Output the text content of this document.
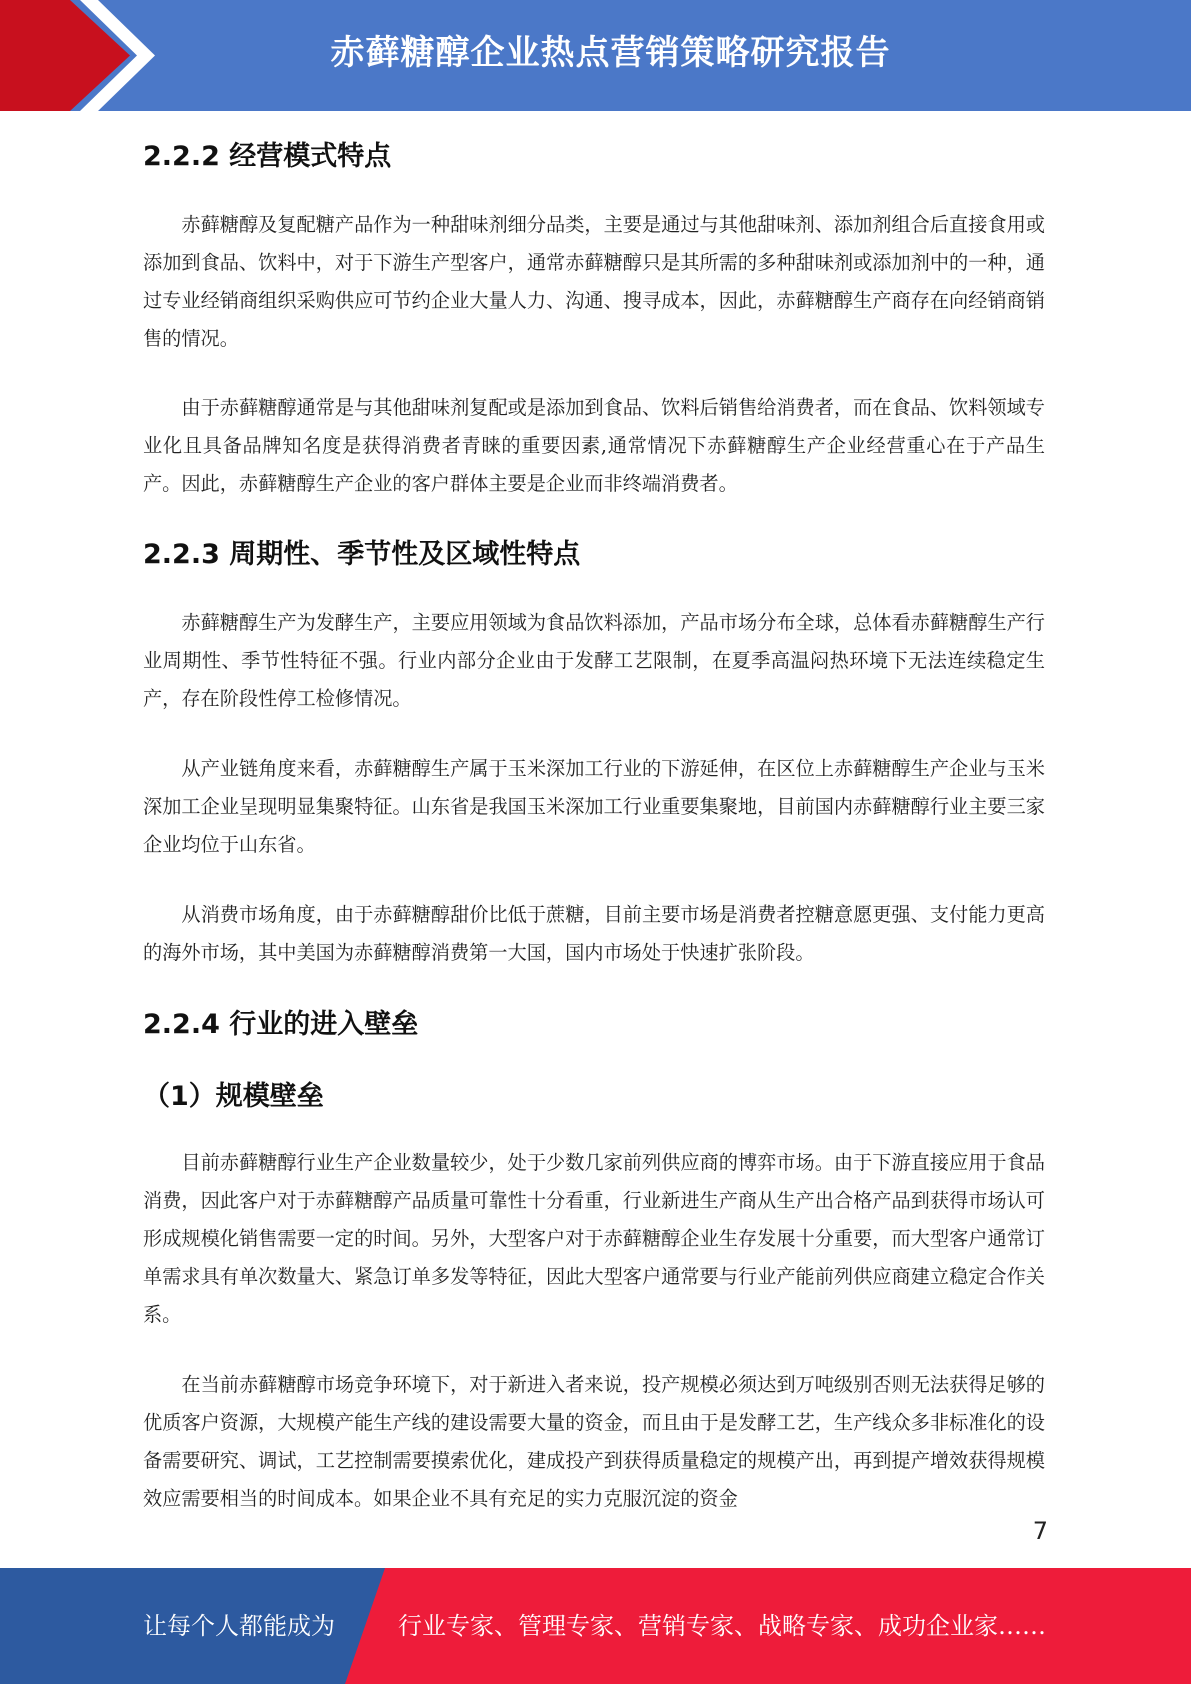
赤藓糖醇企业热点营销策略研究报告
2.2.2 经营模式特点

赤藓糖醇及复配糖产品作为一种甜味剂细分品类，主要是通过与其他甜味剂、添加剂组合后直接食用或添加到食品、饮料中，对于下游生产型客户，通常赤藓糖醇只是其所需的多种甜味剂或添加剂中的一种，通过专业经销商组织采购供应可节约企业大量人力、沟通、搜寻成本，因此，赤藓糖醇生产商存在向经销商销售的情况。

由于赤藓糖醇通常是与其他甜味剂复配或是添加到食品、饮料后销售给消费者，而在食品、饮料领域专业化且具备品牌知名度是获得消费者青睐的重要因素,通常情况下赤藓糖醇生产企业经营重心在于产品生产。因此，赤藓糖醇生产企业的客户群体主要是企业而非终端消费者。

2.2.3 周期性、季节性及区域性特点

赤藓糖醇生产为发酵生产，主要应用领域为食品饮料添加，产品市场分布全球，总体看赤藓糖醇生产行业周期性、季节性特征不强。行业内部分企业由于发酵工艺限制，在夏季高温闷热环境下无法连续稳定生产，存在阶段性停工检修情况。

从产业链角度来看，赤藓糖醇生产属于玉米深加工行业的下游延伸，在区位上赤藓糖醇生产企业与玉米深加工企业呈现明显集聚特征。山东省是我国玉米深加工行业重要集聚地，目前国内赤藓糖醇行业主要三家企业均位于山东省。

从消费市场角度，由于赤藓糖醇甜价比低于蔗糖，目前主要市场是消费者控糖意愿更强、支付能力更高的海外市场，其中美国为赤藓糖醇消费第一大国，国内市场处于快速扩张阶段。

2.2.4 行业的进入壁垒
（1）规模壁垒

目前赤藓糖醇行业生产企业数量较少，处于少数几家前列供应商的博弈市场。由于下游直接应用于食品消费，因此客户对于赤藓糖醇产品质量可靠性十分看重，行业新进生产商从生产出合格产品到获得市场认可形成规模化销售需要一定的时间。另外，大型客户对于赤藓糖醇企业生存发展十分重要，而大型客户通常订单需求具有单次数量大、紧急订单多发等特征，因此大型客户通常要与行业产能前列供应商建立稳定合作关系。

在当前赤藓糖醇市场竞争环境下，对于新进入者来说，投产规模必须达到万吨级别否则无法获得足够的优质客户资源，大规模产能生产线的建设需要大量的资金，而且由于是发酵工艺，生产线众多非标准化的设备需要研究、调试，工艺控制需要摸索优化，建成投产到获得质量稳定的规模产出，再到提产增效获得规模效应需要相当的时间成本。如果企业不具有充足的实力克服沉淀的资金

7
让每个人都能成为	行业专家、管理专家、营销专家、战略专家、成功企业家……
